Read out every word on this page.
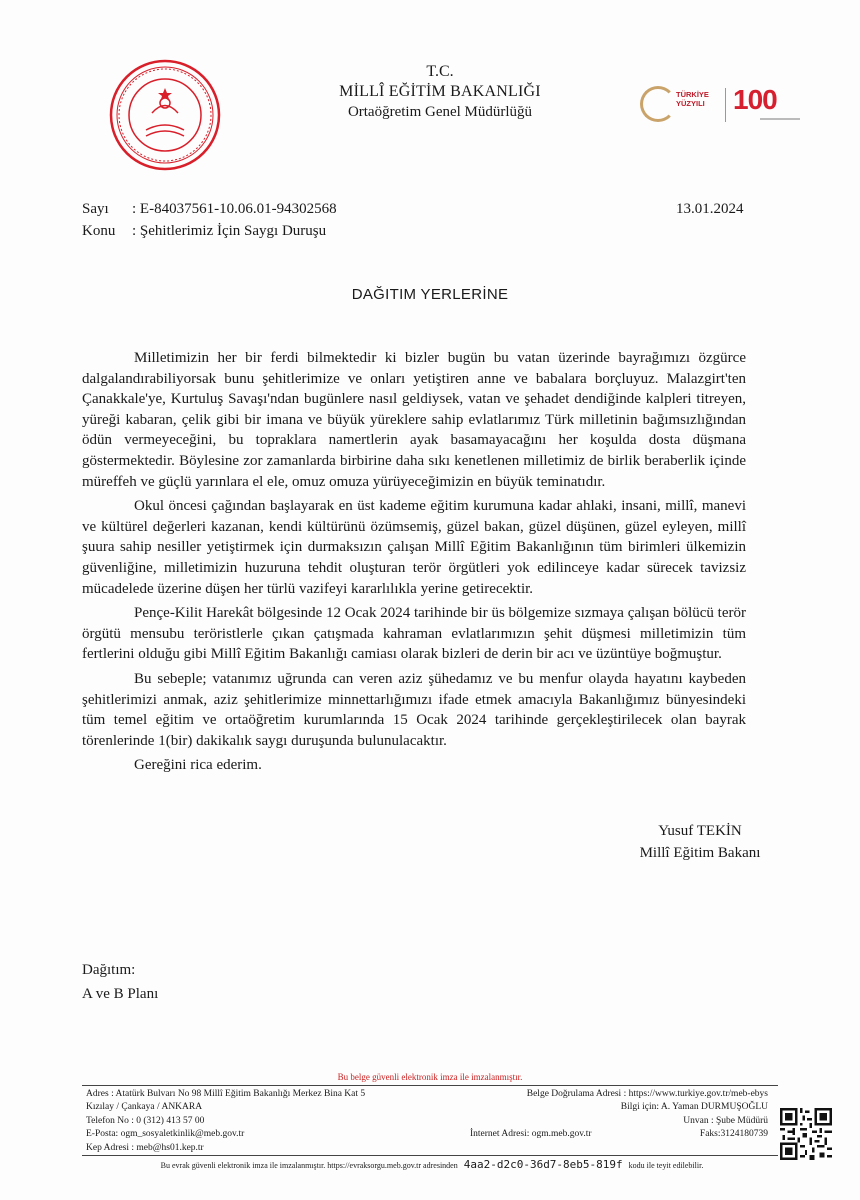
T.C.
MİLLÎ EĞİTİM BAKANLIĞI
Ortaöğretim Genel Müdürlüğü
TÜRKİYE
YÜZYILI 100
Sayı : E-84037561-10.06.01-94302568	13.01.2024
Konu : Şehitlerimiz İçin Saygı Duruşu
DAĞITIM YERLERİNE

Milletimizin her bir ferdi bilmektedir ki bizler bugün bu vatan üzerinde bayrağımızı özgürce dalgalandırabiliyorsak bunu şehitlerimize ve onları yetiştiren anne ve babalara borçluyuz. Malazgirt'ten Çanakkale'ye, Kurtuluş Savaşı'ndan bugünlere nasıl geldiysek, vatan ve şehadet dendiğinde kalpleri titreyen, yüreği kabaran, çelik gibi bir imana ve büyük yüreklere sahip evlatlarımız Türk milletinin bağımsızlığından ödün vermeyeceğini, bu topraklara namertlerin ayak basamayacağını her koşulda dosta düşmana göstermektedir. Böylesine zor zamanlarda birbirine daha sıkı kenetlenen milletimiz de birlik beraberlik içinde müreffeh ve güçlü yarınlara el ele, omuz omuza yürüyeceğimizin en büyük teminatıdır.

Okul öncesi çağından başlayarak en üst kademe eğitim kurumuna kadar ahlaki, insani, millî, manevi ve kültürel değerleri kazanan, kendi kültürünü özümsemiş, güzel bakan, güzel düşünen, güzel eyleyen, millî şuura sahip nesiller yetiştirmek için durmaksızın çalışan Millî Eğitim Bakanlığının tüm birimleri ülkemizin güvenliğine, milletimizin huzuruna tehdit oluşturan terör örgütleri yok edilinceye kadar sürecek tavizsiz mücadelede üzerine düşen her türlü vazifeyi kararlılıkla yerine getirecektir.

Pençe-Kilit Harekât bölgesinde 12 Ocak 2024 tarihinde bir üs bölgemize sızmaya çalışan bölücü terör örgütü mensubu teröristlerle çıkan çatışmada kahraman evlatlarımızın şehit düşmesi milletimizin tüm fertlerini olduğu gibi Millî Eğitim Bakanlığı camiası olarak bizleri de derin bir acı ve üzüntüye boğmuştur.

Bu sebeple; vatanımız uğrunda can veren aziz şühedamız ve bu menfur olayda hayatını kaybeden şehitlerimizi anmak, aziz şehitlerimize minnettarlığımızı ifade etmek amacıyla Bakanlığımız bünyesindeki tüm temel eğitim ve ortaöğretim kurumlarında 15 Ocak 2024 tarihinde gerçekleştirilecek olan bayrak törenlerinde 1(bir) dakikalık saygı duruşunda bulunulacaktır.

Gereğini rica ederim.

Yusuf TEKİN
Millî Eğitim Bakanı
Dağıtım:
A ve B Planı
Bu belge güvenli elektronik imza ile imzalanmıştır.
Adres : Atatürk Bulvarı No 98 Millî Eğitim Bakanlığı Merkez Bina Kat 5
Kızılay / Çankaya / ANKARA
Telefon No : 0 (312) 413 57 00
E-Posta: ogm_sosyaletkinlik@meb.gov.tr
Kep Adresi : meb@hs01.kep.tr
Belge Doğrulama Adresi : https://www.turkiye.gov.tr/meb-ebys
Bilgi için: A. Yaman DURMUŞOĞLU
Unvan : Şube Müdürü
İnternet Adresi: ogm.meb.gov.tr	Faks:3124180739
Bu evrak güvenli elektronik imza ile imzalanmıştır. https://evraksorgu.meb.gov.tr adresinden 4aa2-d2c0-36d7-8eb5-819f kodu ile teyit edilebilir.
